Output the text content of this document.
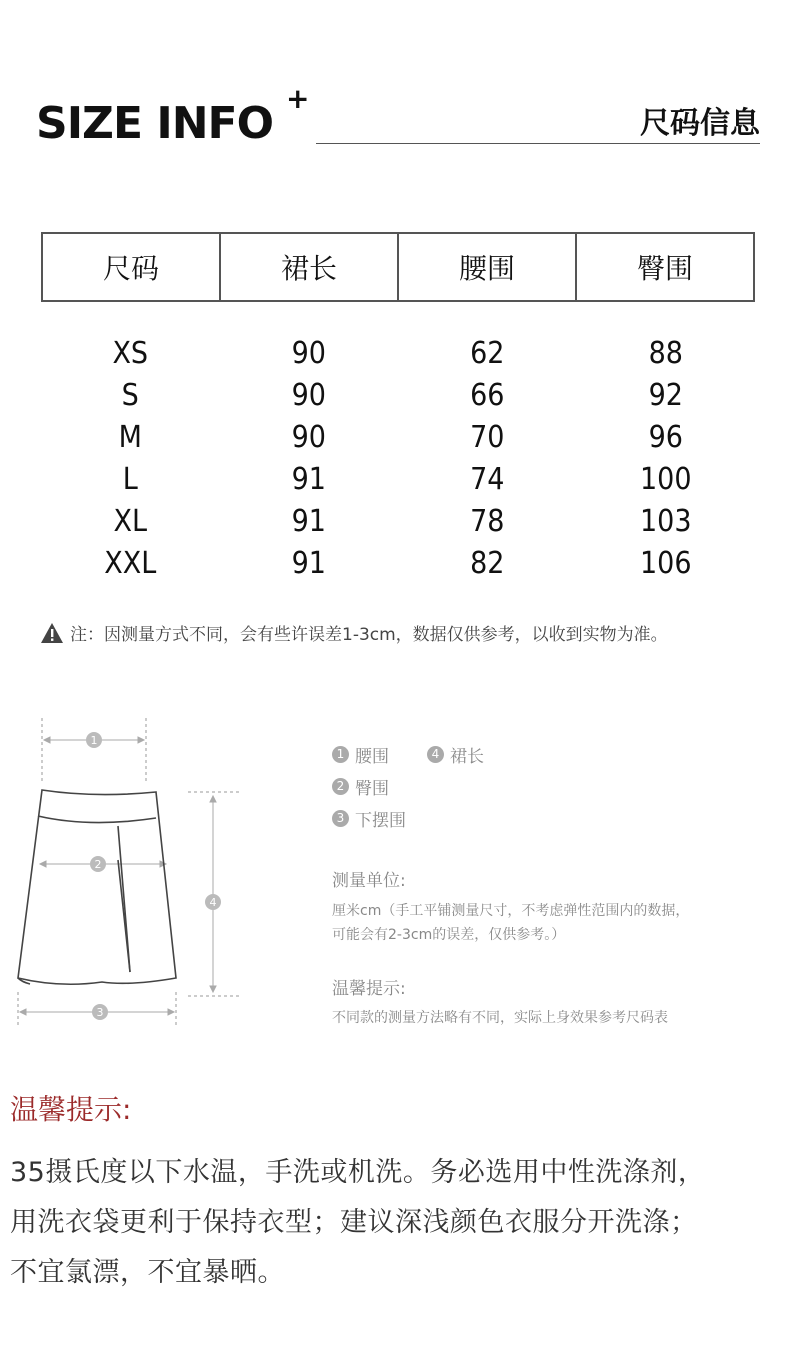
SIZE INFO +
尺码信息
尺码	裙长	腰围	臀围
XS	90	62	88
S	90	66	92
M	90	70	96
L	91	74	100
XL	91	78	103
XXL	91	82	106
注：因测量方式不同，会有些许误差1-3cm，数据仅供参考，以收到实物为准。
1
2
3
4
1 腰围	4 裙长
2 臀围
3 下摆围
测量单位:
厘米cm（手工平铺测量尺寸，不考虑弹性范围内的数据，
可能会有2-3cm的误差，仅供参考。）
温馨提示:
不同款的测量方法略有不同，实际上身效果参考尺码表
温馨提示:
35摄氏度以下水温，手洗或机洗。务必选用中性洗涤剂，
用洗衣袋更利于保持衣型；建议深浅颜色衣服分开洗涤；
不宜氯漂，不宜暴晒。
